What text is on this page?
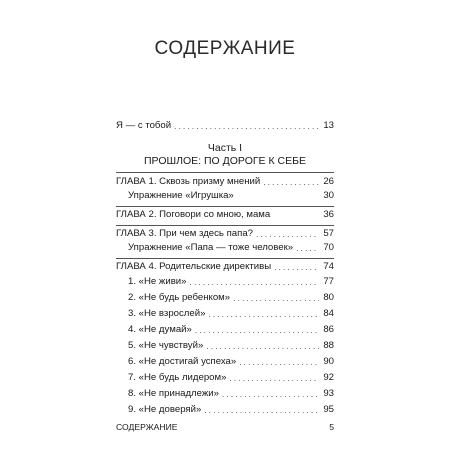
СОДЕРЖАНИЕ
Я — с тобой . . .	13
Часть I
ПРОШЛОЕ: ПО ДОРОГЕ К СЕБЕ
ГЛАВА 1. Сквозь призму мнений . . .	26
Упражнение «Игрушка»	30
ГЛАВА 2. Поговори со мною, мама	36
ГЛАВА 3. При чем здесь папа? . . .	57
Упражнение «Папа — тоже человек» . . .	70
ГЛАВА 4. Родительские директивы . . .	74
1. «Не живи» . . .	77
2. «Не будь ребенком» . . .	80
3. «Не взрослей» . . .	84
4. «Не думай» . . .	86
5. «Не чувствуй» . . .	88
6. «Не достигай успеха» . . .	90
7. «Не будь лидером» . . .	92
8. «Не принадлежи» . . .	93
9. «Не доверяй» . . .	95
СОДЕРЖАНИЕ	5
